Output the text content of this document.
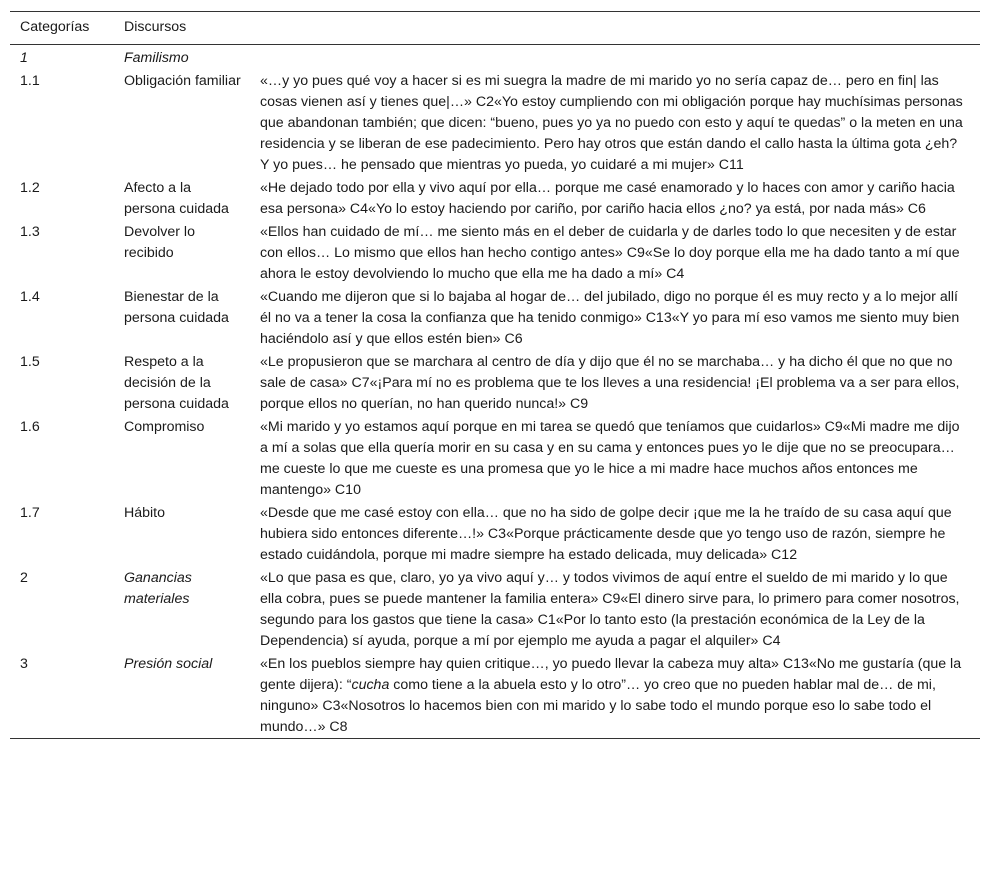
Categorías	Discursos	
1	Familismo	
1.1	Obligación familiar	«…y yo pues qué voy a hacer si es mi suegra la madre de mi marido yo no sería capaz de… pero en fin| las cosas vienen así y tienes que|…» C2«Yo estoy cumpliendo con mi obligación porque hay muchísimas personas que abandonan también; que dicen: “bueno, pues yo ya no puedo con esto y aquí te quedas” o la meten en una residencia y se liberan de ese padecimiento. Pero hay otros que están dando el callo hasta la última gota ¿eh? Y yo pues… he pensado que mientras yo pueda, yo cuidaré a mi mujer» C11
1.2	Afecto a la persona cuidada	«He dejado todo por ella y vivo aquí por ella… porque me casé enamorado y lo haces con amor y cariño hacia esa persona» C4«Yo lo estoy haciendo por cariño, por cariño hacia ellos ¿no? ya está, por nada más» C6
1.3	Devolver lo recibido	«Ellos han cuidado de mí… me siento más en el deber de cuidarla y de darles todo lo que necesiten y de estar con ellos… Lo mismo que ellos han hecho contigo antes» C9«Se lo doy porque ella me ha dado tanto a mí que ahora le estoy devolviendo lo mucho que ella me ha dado a mí» C4
1.4	Bienestar de la persona cuidada	«Cuando me dijeron que si lo bajaba al hogar de… del jubilado, digo no porque él es muy recto y a lo mejor allí él no va a tener la cosa la confianza que ha tenido conmigo» C13«Y yo para mí eso vamos me siento muy bien haciéndolo así y que ellos estén bien» C6
1.5	Respeto a la decisión de la persona cuidada	«Le propusieron que se marchara al centro de día y dijo que él no se marchaba… y ha dicho él que no que no sale de casa» C7«¡Para mí no es problema que te los lleves a una residencia! ¡El problema va a ser para ellos, porque ellos no querían, no han querido nunca!» C9
1.6	Compromiso	«Mi marido y yo estamos aquí porque en mi tarea se quedó que teníamos que cuidarlos» C9«Mi madre me dijo a mí a solas que ella quería morir en su casa y en su cama y entonces pues yo le dije que no se preocupara… me cueste lo que me cueste es una promesa que yo le hice a mi madre hace muchos años entonces me mantengo» C10
1.7	Hábito	«Desde que me casé estoy con ella… que no ha sido de golpe decir ¡que me la he traído de su casa aquí que hubiera sido entonces diferente…!» C3«Porque prácticamente desde que yo tengo uso de razón, siempre he estado cuidándola, porque mi madre siempre ha estado delicada, muy delicada» C12
2	Ganancias materiales	«Lo que pasa es que, claro, yo ya vivo aquí y… y todos vivimos de aquí entre el sueldo de mi marido y lo que ella cobra, pues se puede mantener la familia entera» C9«El dinero sirve para, lo primero para comer nosotros, segundo para los gastos que tiene la casa» C1«Por lo tanto esto (la prestación económica de la Ley de la Dependencia) sí ayuda, porque a mí por ejemplo me ayuda a pagar el alquiler» C4
3	Presión social	«En los pueblos siempre hay quien critique…, yo puedo llevar la cabeza muy alta» C13«No me gustaría (que la gente dijera): “cucha como tiene a la abuela esto y lo otro”… yo creo que no pueden hablar mal de… de mi, ninguno» C3«Nosotros lo hacemos bien con mi marido y lo sabe todo el mundo porque eso lo sabe todo el mundo…» C8
